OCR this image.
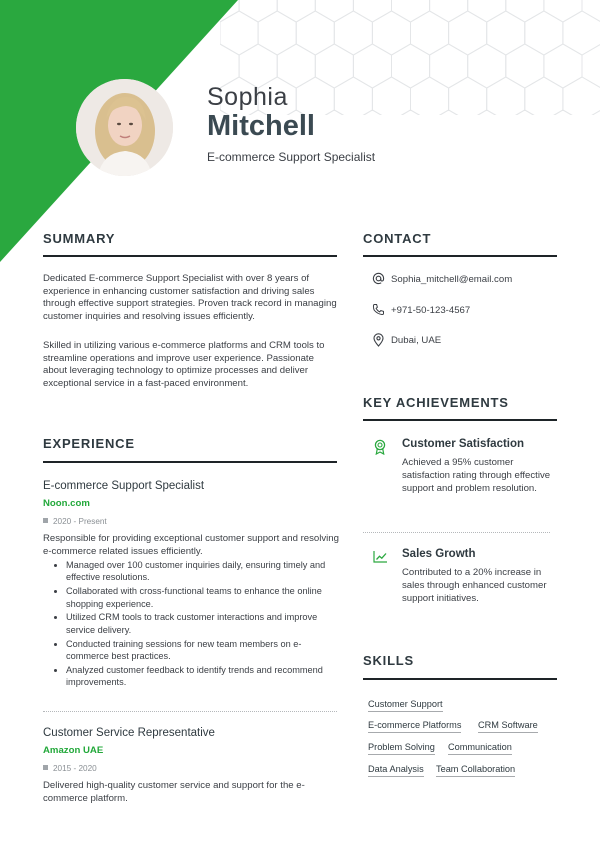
Sophia
Mitchell
E-commerce Support Specialist
SUMMARY
Dedicated E-commerce Support Specialist with over 8 years of experience in enhancing customer satisfaction and driving sales through effective support strategies. Proven track record in managing customer inquiries and resolving issues efficiently.
Skilled in utilizing various e-commerce platforms and CRM tools to streamline operations and improve user experience. Passionate about leveraging technology to optimize processes and deliver exceptional service in a fast-paced environment.
EXPERIENCE
E-commerce Support Specialist
Noon.com
2020 - Present
Responsible for providing exceptional customer support and resolving e-commerce related issues efficiently.
Managed over 100 customer inquiries daily, ensuring timely and effective resolutions.
Collaborated with cross-functional teams to enhance the online shopping experience.
Utilized CRM tools to track customer interactions and improve service delivery.
Conducted training sessions for new team members on e-commerce best practices.
Analyzed customer feedback to identify trends and recommend improvements.
Customer Service Representative
Amazon UAE
2015 - 2020
Delivered high-quality customer service and support for the e-commerce platform.
CONTACT
Sophia_mitchell@email.com
+971-50-123-4567
Dubai, UAE
KEY ACHIEVEMENTS
Customer Satisfaction
Achieved a 95% customer satisfaction rating through effective support and problem resolution.
Sales Growth
Contributed to a 20% increase in sales through enhanced customer support initiatives.
SKILLS
Customer Support
E-commerce Platforms CRM Software
Problem Solving Communication
Data Analysis Team Collaboration
